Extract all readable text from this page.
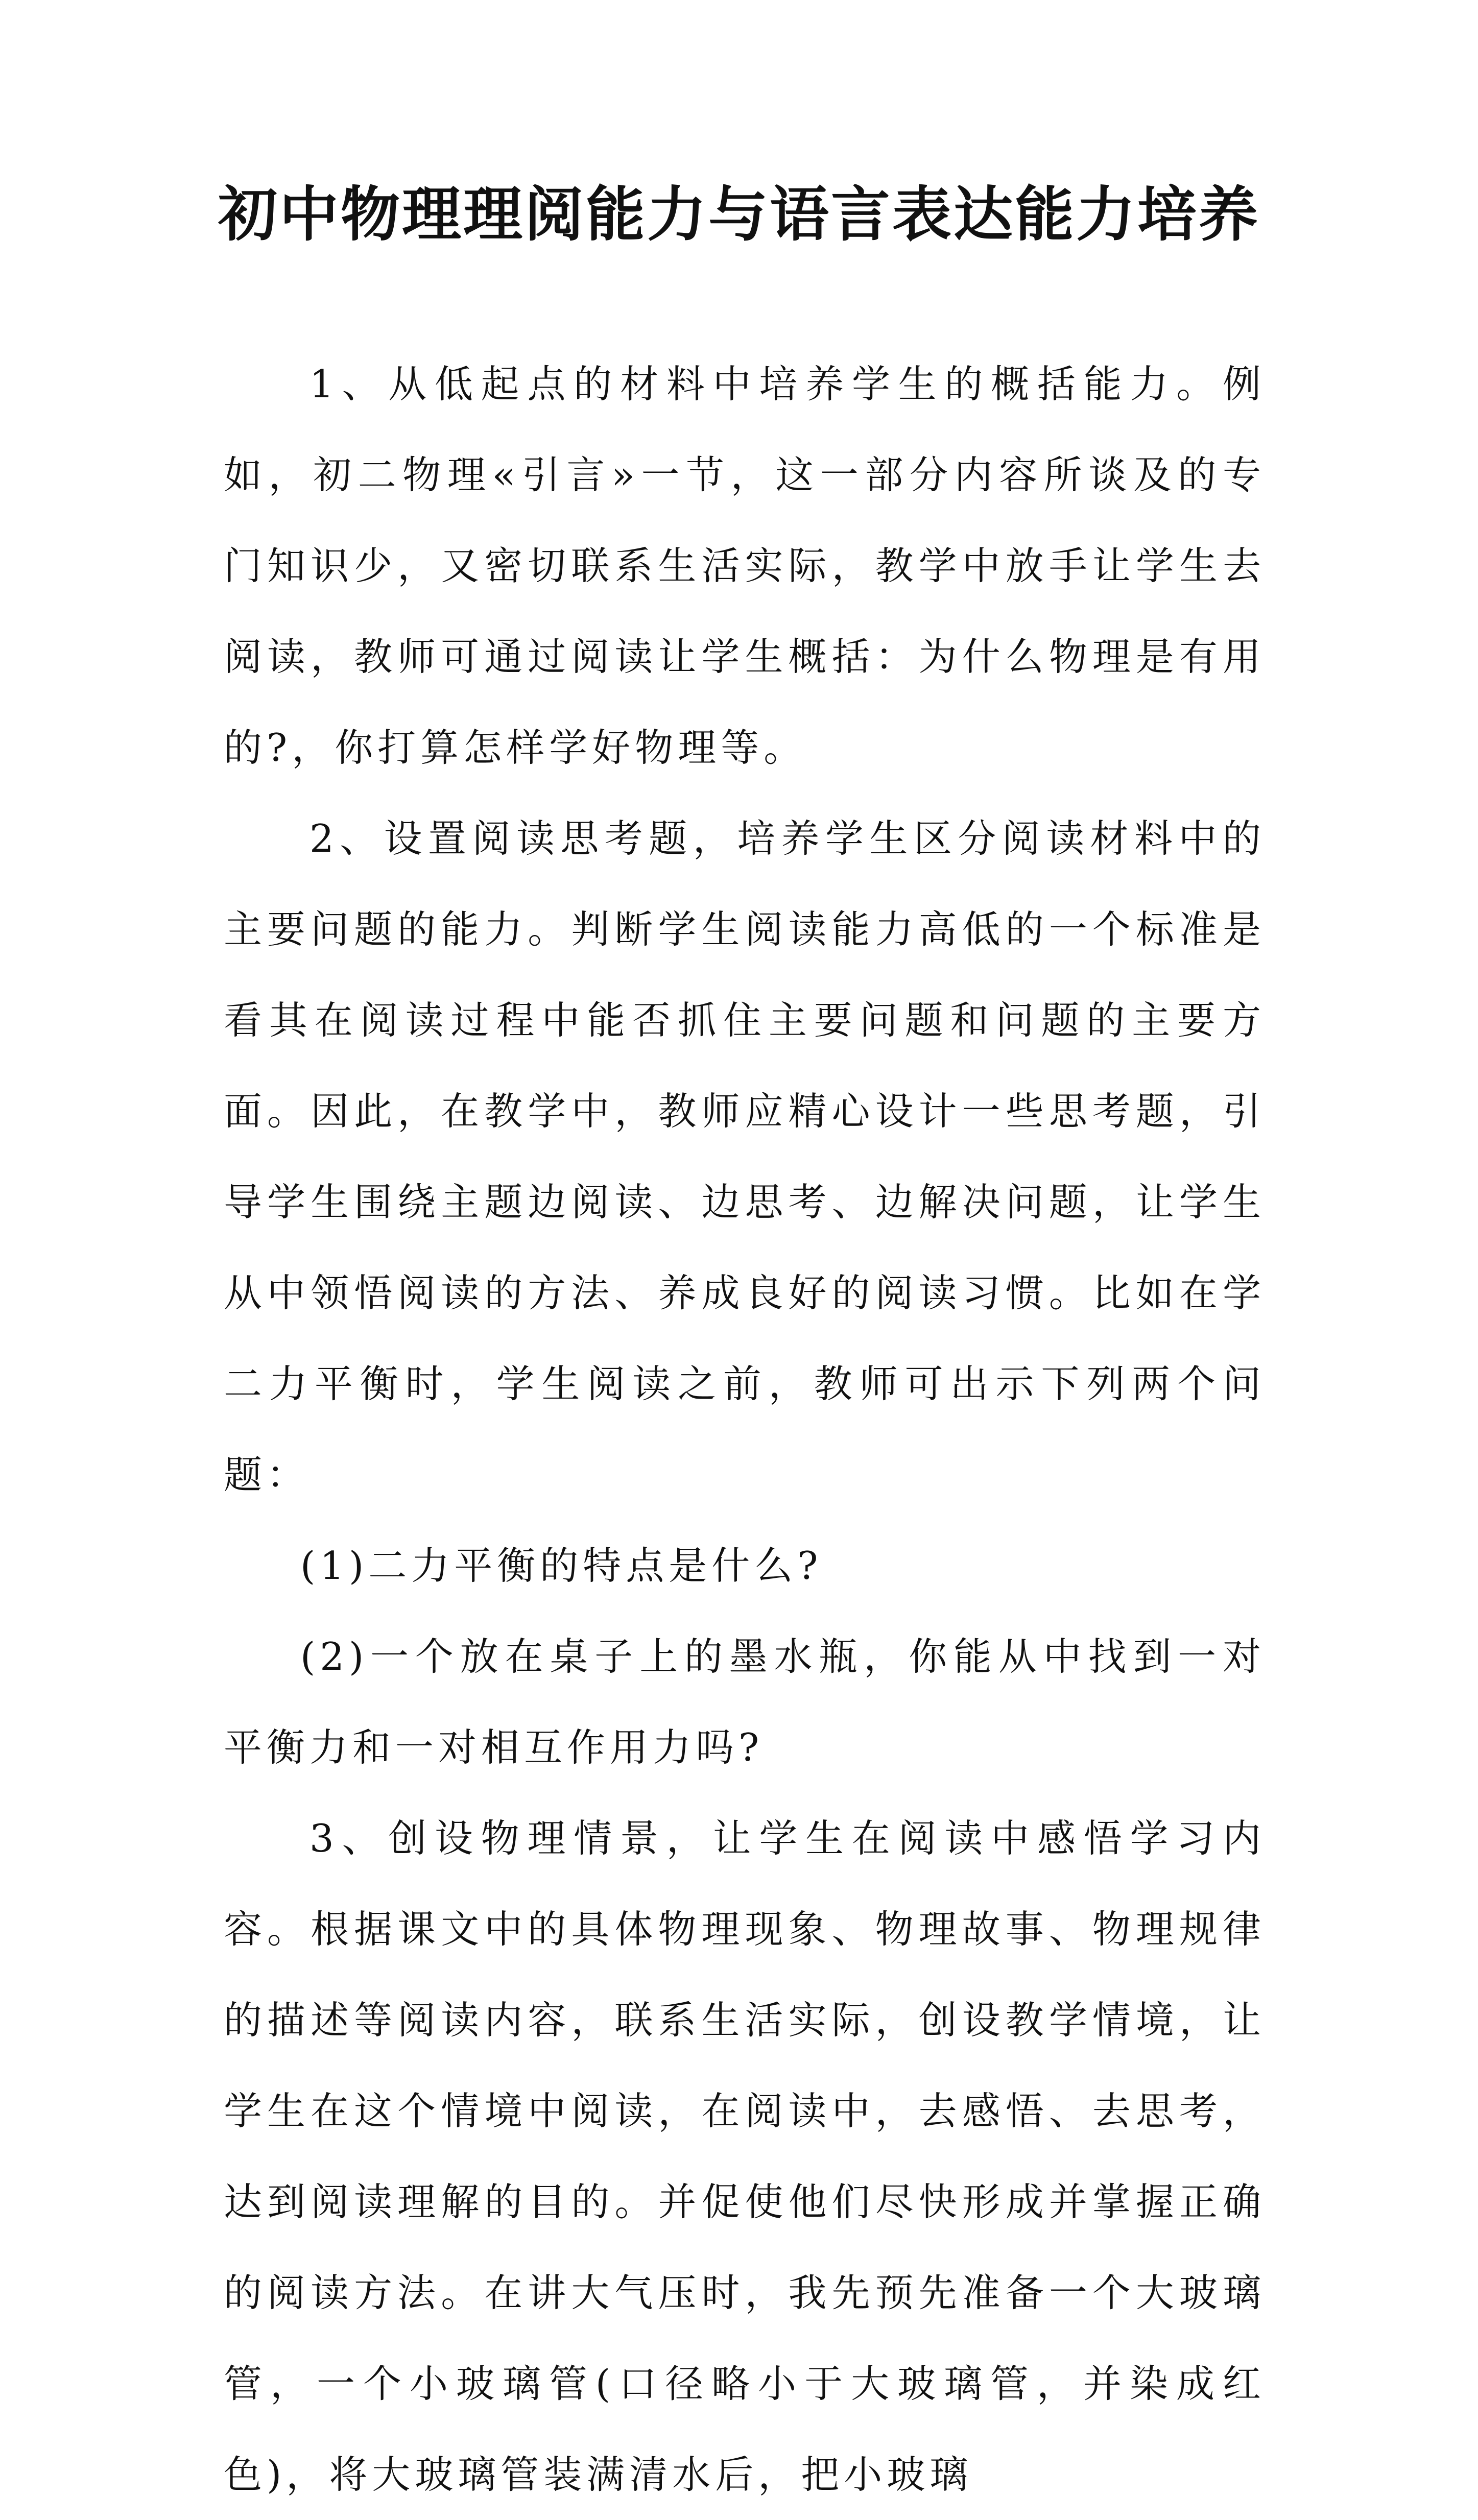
初中物理理阅能力与语言表达能力培养

1、从低起点的材料中培养学生的概括能力。例如，初二物理«引言»一节，这一部分内容所谈及的专门知识少，又密切联系生活实际，教学中放手让学生去阅读，教师可通过阅读让学生概括：为什么物理是有用的?，你打算怎样学好物理等。

2、设置阅读思考题，培养学生区分阅读材料中的主要问题的能力。判断学生阅读能力高低的一个标准是看其在阅读过程中能否抓住主要问题和问题的主要方面。因此，在教学中，教师应精心设计一些思考题，引导学生围绕主题边阅读、边思考、边解决问题，让学生从中领悟阅读的方法、养成良好的阅读习惯。比如在学二力平衡时，学生阅读之前，教师可出示下列两个问题：

(1)二力平衡的特点是什么?

(2)一个放在桌子上的墨水瓶，你能从中找到一对平衡力和一对相互作用力吗?

3、创设物理情景，让学生在阅读中感悟学习内容。根据课文中的具体物理现象、物理故事、物理规律的描述等阅读内容，联系生活实际，创设教学情境，让学生在这个情境中阅读，在阅读中，去感悟、去思考，达到阅读理解的目的。并促使他们尽快形成并掌握正确的阅读方法。在讲大气压时，我先预先准备一个大玻璃管，一个小玻璃管(口径略小于大玻璃管，并染成红色)，将大玻璃管装满清水后，把小玻璃
